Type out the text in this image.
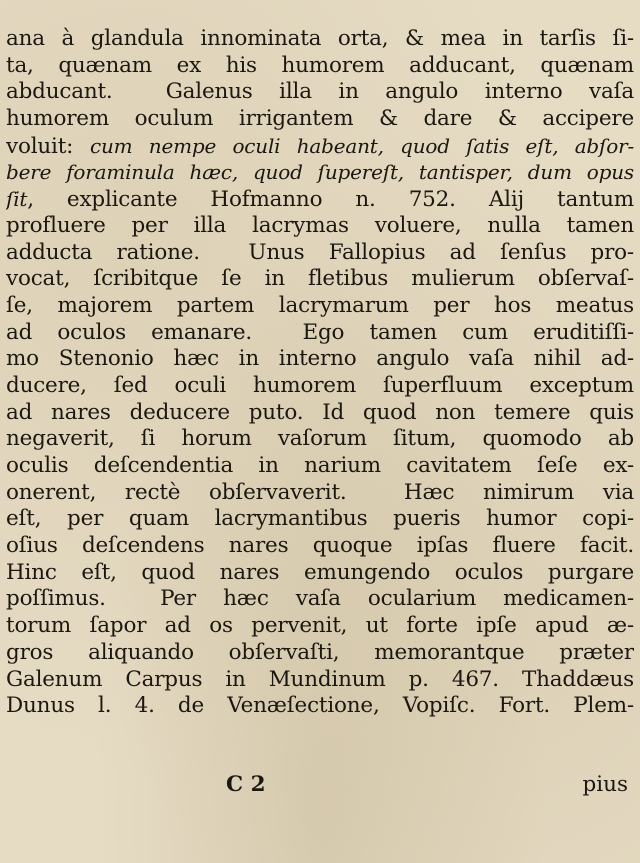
ana à glandula innominata orta, & mea in tarſis ſi-
ta, quænam ex his humorem adducant, quænam
abducant.  Galenus illa in angulo interno vaſa
humorem oculum irrigantem & dare & accipere
voluit: cum nempe oculi habeant, quod ſatis eſt, abſor-
bere foraminula hæc, quod ſupereſt, tantisper, dum opus
ſit, explicante Hofmanno n. 752. Alij tantum
profluere per illa lacrymas voluere, nulla tamen
adducta ratione.  Unus Fallopius ad ſenſus pro-
vocat, ſcribitque ſe in fletibus mulierum obſervaſ-
ſe, majorem partem lacrymarum per hos meatus
ad oculos emanare.  Ego tamen cum eruditiſſi-
mo Stenonio hæc in interno angulo vaſa nihil ad-
ducere, ſed oculi humorem ſuperfluum exceptum
ad nares deducere puto. Id quod non temere quis
negaverit, ſi horum vaſorum ſitum, quomodo ab
oculis deſcendentia in narium cavitatem ſeſe ex-
onerent, rectè obſervaverit.  Hæc nimirum via
eſt, per quam lacrymantibus pueris humor copi-
oſius deſcendens nares quoque ipſas fluere facit.
Hinc eſt, quod nares emungendo oculos purgare
poſſimus.  Per hæc vaſa ocularium medicamen-
torum ſapor ad os pervenit, ut forte ipſe apud æ-
gros aliquando obſervaſti, memorantque præter
Galenum Carpus in Mundinum p. 467. Thaddæus
Dunus l. 4. de Venæſectione, Vopiſc. Fort. Plem-
C 2	pius
